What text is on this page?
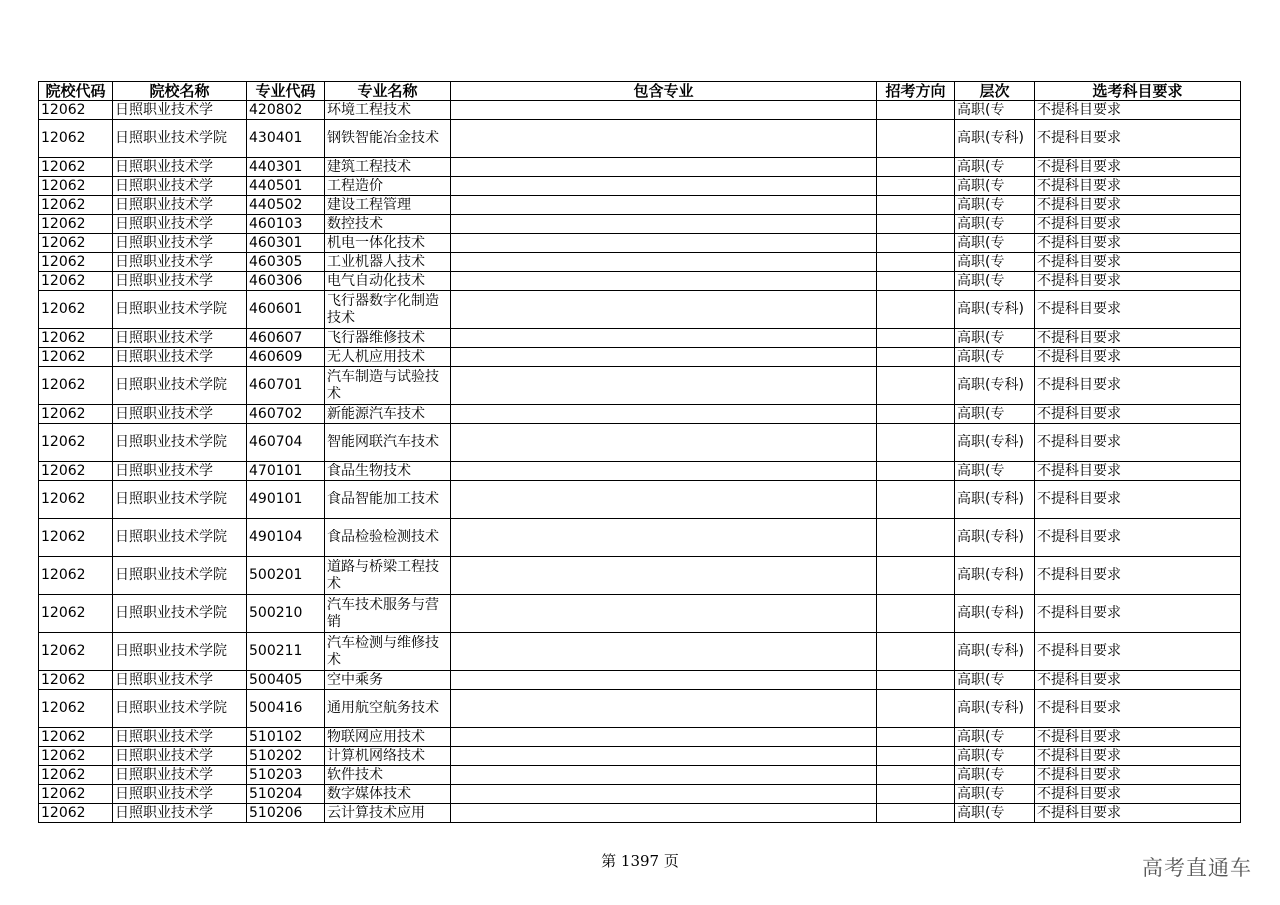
院校代码	院校名称	专业代码	专业名称	包含专业	招考方向	层次	选考科目要求

12062	日照职业技术学	420802	环境工程技术			高职(专	不提科目要求

12062	日照职业技术学院	430401	钢铁智能冶金技术			高职(专科)	不提科目要求

12062	日照职业技术学	440301	建筑工程技术			高职(专	不提科目要求

12062	日照职业技术学	440501	工程造价			高职(专	不提科目要求

12062	日照职业技术学	440502	建设工程管理			高职(专	不提科目要求

12062	日照职业技术学	460103	数控技术			高职(专	不提科目要求

12062	日照职业技术学	460301	机电一体化技术			高职(专	不提科目要求

12062	日照职业技术学	460305	工业机器人技术			高职(专	不提科目要求

12062	日照职业技术学	460306	电气自动化技术			高职(专	不提科目要求

12062	日照职业技术学院	460601	飞行器数字化制造技术			高职(专科)	不提科目要求

12062	日照职业技术学	460607	飞行器维修技术			高职(专	不提科目要求

12062	日照职业技术学	460609	无人机应用技术			高职(专	不提科目要求

12062	日照职业技术学院	460701	汽车制造与试验技术			高职(专科)	不提科目要求

12062	日照职业技术学	460702	新能源汽车技术			高职(专	不提科目要求

12062	日照职业技术学院	460704	智能网联汽车技术			高职(专科)	不提科目要求

12062	日照职业技术学	470101	食品生物技术			高职(专	不提科目要求

12062	日照职业技术学院	490101	食品智能加工技术			高职(专科)	不提科目要求

12062	日照职业技术学院	490104	食品检验检测技术			高职(专科)	不提科目要求

12062	日照职业技术学院	500201	道路与桥梁工程技术			高职(专科)	不提科目要求

12062	日照职业技术学院	500210	汽车技术服务与营销			高职(专科)	不提科目要求

12062	日照职业技术学院	500211	汽车检测与维修技术			高职(专科)	不提科目要求

12062	日照职业技术学	500405	空中乘务			高职(专	不提科目要求

12062	日照职业技术学院	500416	通用航空航务技术			高职(专科)	不提科目要求

12062	日照职业技术学	510102	物联网应用技术			高职(专	不提科目要求

12062	日照职业技术学	510202	计算机网络技术			高职(专	不提科目要求

12062	日照职业技术学	510203	软件技术			高职(专	不提科目要求

12062	日照职业技术学	510204	数字媒体技术			高职(专	不提科目要求

12062	日照职业技术学	510206	云计算技术应用			高职(专	不提科目要求
第 1397 页	高考直通车
